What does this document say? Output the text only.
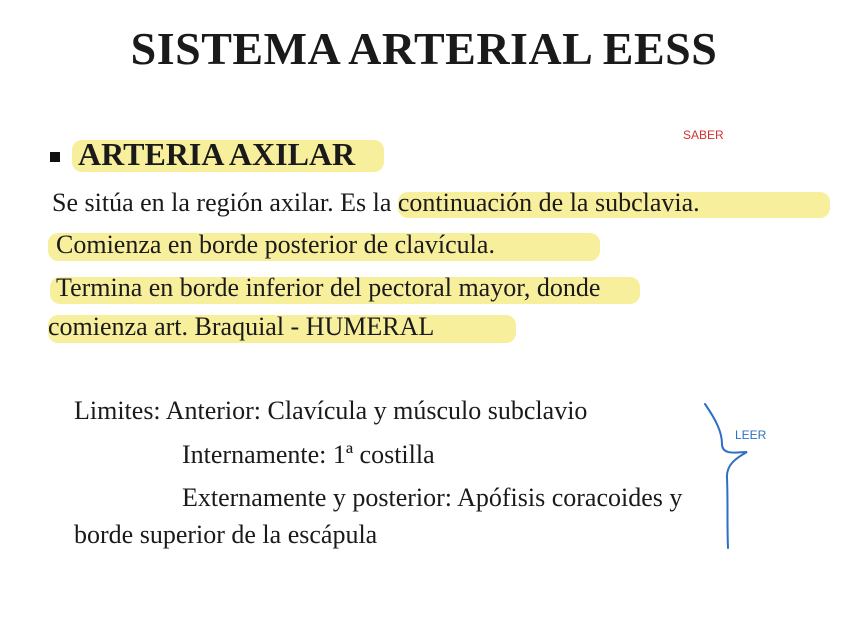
SISTEMA ARTERIAL EESS
ARTERIA AXILAR
SABER
Se sitúa en la región axilar. Es la continuación de la subclavia.
Comienza en borde posterior de clavícula.
Termina en borde inferior del pectoral mayor, donde
comienza art. Braquial - HUMERAL
Limites: Anterior: Clavícula y músculo subclavio
Internamente: 1ª costilla
Externamente y posterior: Apófisis coracoides y
borde superior de la escápula
LEER
